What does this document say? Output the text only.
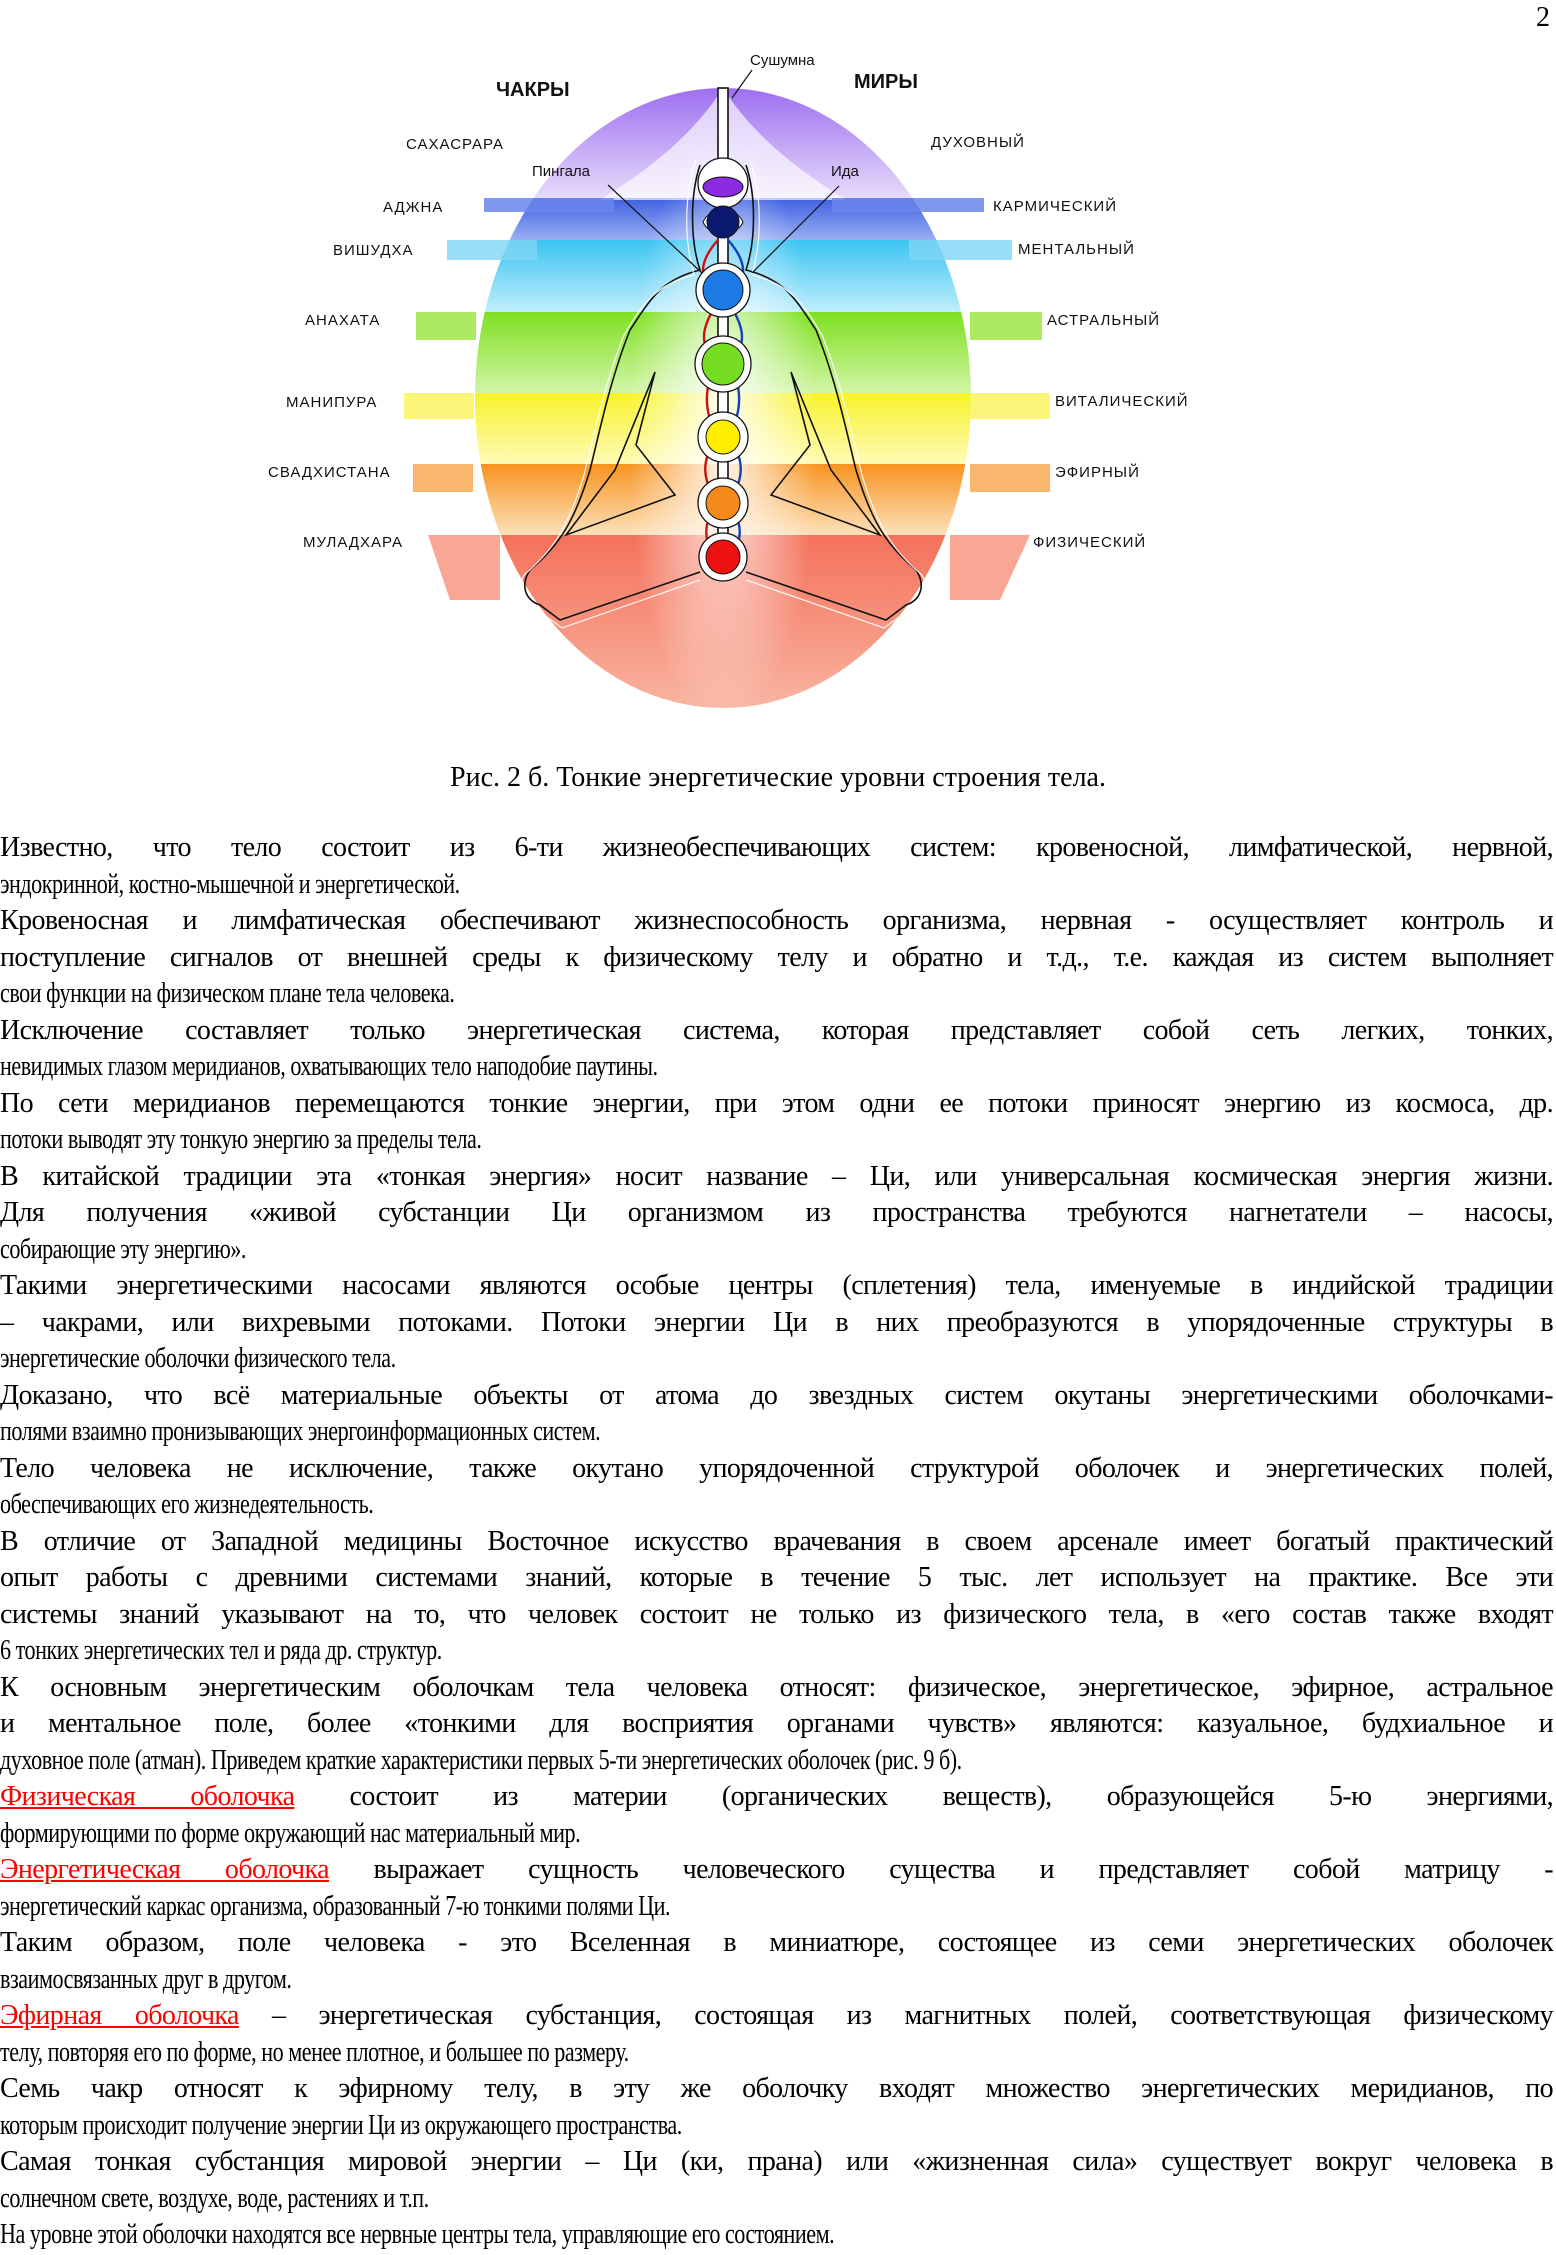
2
ЧАКРЫ	МИРЫ
Сушумна
Пингала	Ида
САХАСРАРА
АДЖНА
ВИШУДХА
АНАХАТА
МАНИПУРА
СВАДХИСТАНА
МУЛАДХАРА
ДУХОВНЫЙ
КАРМИЧЕСКИЙ
МЕНТАЛЬНЫЙ
АСТРАЛЬНЫЙ
ВИТАЛИЧЕСКИЙ
ЭФИРНЫЙ
ФИЗИЧЕСКИЙ
Рис. 2 б. Тонкие энергетические уровни строения тела.
Известно, что тело состоит из 6-ти жизнеобеспечивающих систем: кровеносной, лимфатической, нервной,
эндокринной, костно-мышечной и энергетической.
Кровеносная и лимфатическая обеспечивают жизнеспособность организма, нервная - осуществляет контроль и
поступление сигналов от внешней среды к физическому телу и обратно и т.д., т.е. каждая из систем выполняет
свои функции на физическом плане тела человека.
Исключение составляет только энергетическая система, которая представляет собой сеть легких, тонких,
невидимых глазом меридианов, охватывающих тело наподобие паутины.
По сети меридианов перемещаются тонкие энергии, при этом одни ее потоки приносят энергию из космоса, др.
потоки выводят эту тонкую энергию за пределы тела.
В китайской традиции эта «тонкая энергия» носит название – Ци, или универсальная космическая энергия жизни.
Для получения «живой субстанции Ци организмом из пространства требуются нагнетатели – насосы,
собирающие эту энергию».
Такими энергетическими насосами являются особые центры (сплетения) тела, именуемые в индийской традиции
– чакрами, или вихревыми потоками. Потоки энергии Ци в них преобразуются в упорядоченные структуры в
энергетические оболочки физического тела.
Доказано, что всё материальные объекты от атома до звездных систем окутаны энергетическими оболочками-
полями взаимно пронизывающих энергоинформационных систем.
Тело человека не исключение, также окутано упорядоченной структурой оболочек и энергетических полей,
обеспечивающих его жизнедеятельность.
В отличие от Западной медицины Восточное искусство врачевания в своем арсенале имеет богатый практический
опыт работы с древними системами знаний, которые в течение 5 тыс. лет использует на практике. Все эти
системы знаний указывают на то, что человек состоит не только из физического тела, в «его состав также входят
6 тонких энергетических тел и ряда др. структур.
К основным энергетическим оболочкам тела человека относят: физическое, энергетическое, эфирное, астральное
и ментальное поле, более «тонкими для восприятия органами чувств» являются: казуальное, будхиальное и
духовное поле (атман). Приведем краткие характеристики первых 5-ти энергетических оболочек (рис. 9 б).
Физическая оболочка состоит из материи (органических веществ), образующейся 5-ю энергиями,
формирующими по форме окружающий нас материальный мир.
Энергетическая оболочка выражает сущность человеческого существа и представляет собой матрицу -
энергетический каркас организма, образованный 7-ю тонкими полями Ци.
Таким образом, поле человека - это Вселенная в миниатюре, состоящее из семи энергетических оболочек
взаимосвязанных друг в другом.
Эфирная оболочка – энергетическая субстанция, состоящая из магнитных полей, соответствующая физическому
телу, повторяя его по форме, но менее плотное, и большее по размеру.
Семь чакр относят к эфирному телу, в эту же оболочку входят множество энергетических меридианов, по
которым происходит получение энергии Ци из окружающего пространства.
Самая тонкая субстанция мировой энергии – Ци (ки, прана) или «жизненная сила» существует вокруг человека в
солнечном свете, воздухе, воде, растениях и т.п.
На уровне этой оболочки находятся все нервные центры тела, управляющие его состоянием.
